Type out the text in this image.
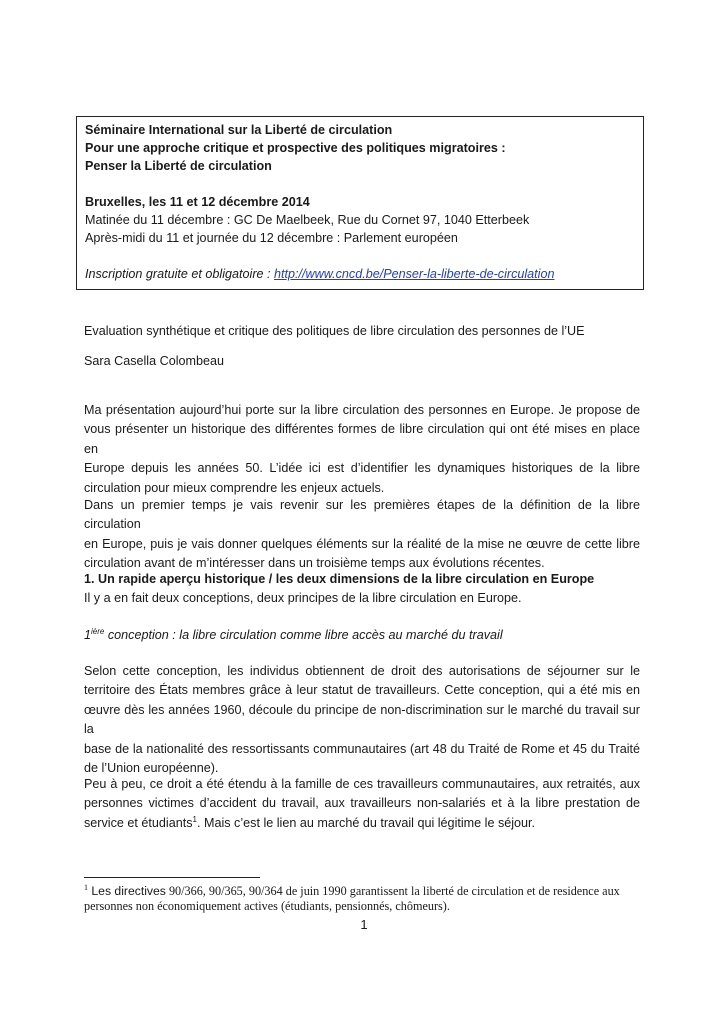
Séminaire International sur la Liberté de circulation
Pour une approche critique et prospective des politiques migratoires :
Penser la Liberté de circulation
Bruxelles, les 11 et 12 décembre 2014
Matinée du 11 décembre : GC De Maelbeek, Rue du Cornet 97, 1040 Etterbeek
Après-midi du 11 et journée du 12 décembre : Parlement européen
Inscription gratuite et obligatoire : http://www.cncd.be/Penser-la-liberte-de-circulation
Evaluation synthétique et critique des politiques de libre circulation des personnes de l’UE
Sara Casella Colombeau
Ma présentation aujourd’hui porte sur la libre circulation des personnes en Europe. Je propose de
vous présenter un historique des différentes formes de libre circulation qui ont été mises en place en
Europe depuis les années 50. L’idée ici est d’identifier les dynamiques historiques de la libre
circulation pour mieux comprendre les enjeux actuels.
Dans un premier temps je vais revenir sur les premières étapes de la définition de la libre circulation
en Europe, puis je vais donner quelques éléments sur la réalité de la mise ne œuvre de cette libre
circulation avant de m’intéresser dans un troisième temps aux évolutions récentes.
1. Un rapide aperçu historique / les deux dimensions de la libre circulation en Europe
Il y a en fait deux conceptions, deux principes de la libre circulation en Europe.
$1^{ière}$ conception : la libre circulation comme libre accès au marché du travail
Selon cette conception, les individus obtiennent de droit des autorisations de séjourner sur le
territoire des États membres grâce à leur statut de travailleurs. Cette conception, qui a été mis en
œuvre dès les années 1960, découle du principe de non-discrimination sur le marché du travail sur la
base de la nationalité des ressortissants communautaires (art 48 du Traité de Rome et 45 du Traité
de l’Union européenne).
Peu à peu, ce droit a été étendu à la famille de ces travailleurs communautaires, aux retraités, aux
personnes victimes d’accident du travail, aux travailleurs non-salariés et à la libre prestation de
service et étudiants$^1$. Mais c’est le lien au marché du travail qui légitime le séjour.
$^1$ Les directives 90/366, 90/365, 90/364 de juin 1990 garantissent la liberté de circulation et de residence aux
personnes non économiquement actives (étudiants, pensionnés, chômeurs).
1
